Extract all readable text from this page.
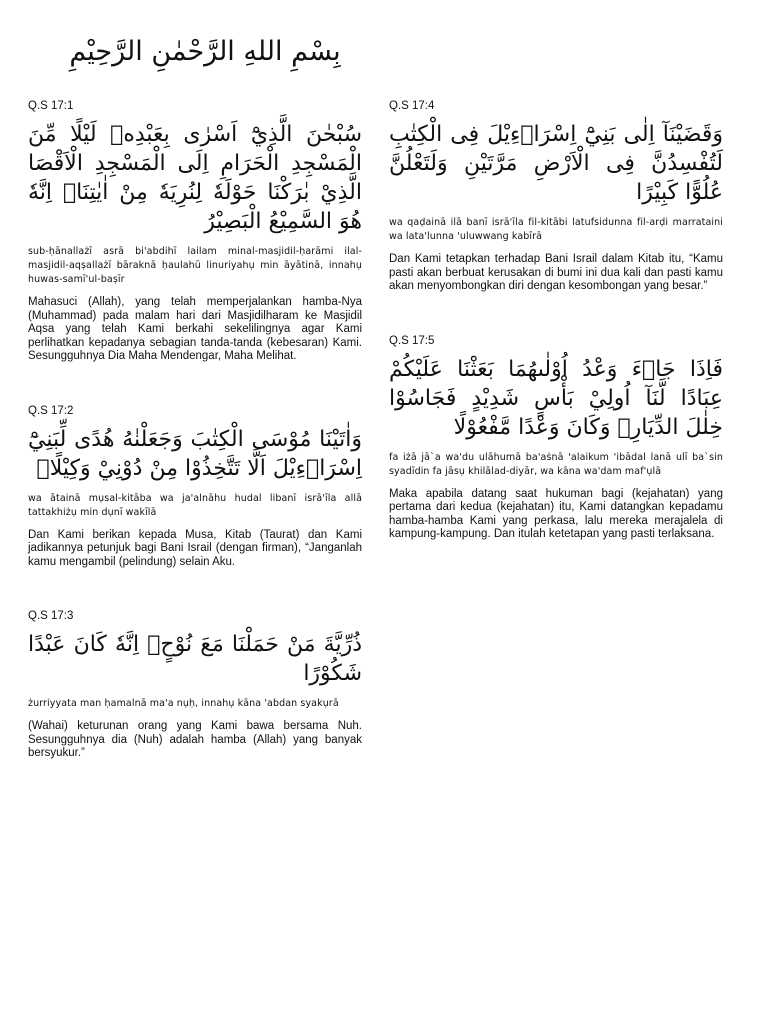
بِسْمِ اللهِ الرَّحْمٰنِ الرَّحِيْمِ

Q.S 17:1

سُبْحٰنَ الَّذِيْٓ اَسْرٰى بِعَبْدِهٖ لَيْلًا مِّنَ الْمَسْجِدِ الْحَرَامِ اِلَى الْمَسْجِدِ الْاَقْصَا الَّذِيْ بٰرَكْنَا حَوْلَهٗ لِنُرِيَهٗ مِنْ اٰيٰتِنَاۗ اِنَّهٗ هُوَ السَّمِيْعُ الْبَصِيْرُ

sub-ḥānallażī asrā bi'abdihī lailam minal-masjidil-ḥarāmi ilal-masjidil-aqṣallażī bāraknā ḥaulahū linuriyahụ min āyātinā, innahụ huwas-samī'ul-baṣīr

Mahasuci (Allah), yang telah memperjalankan hamba-Nya (Muhammad) pada malam hari dari Masjidilharam ke Masjidil Aqsa yang telah Kami berkahi sekelilingnya agar Kami perlihatkan kepadanya sebagian tanda-tanda (kebesaran) Kami. Sesungguhnya Dia Maha Mendengar, Maha Melihat.

Q.S 17:2

وَاٰتَيْنَا مُوْسَى الْكِتٰبَ وَجَعَلْنٰهُ هُدًى لِّبَنِيْٓ اِسْرَاۤءِيْلَ اَلَّا تَتَّخِذُوْا مِنْ دُوْنِيْ وَكِيْلًاۗ

wa ātainā mụsal-kitāba wa ja'alnāhu hudal libanī isrā'īla allā tattakhiżụ min dụnī wakīlā

Dan Kami berikan kepada Musa, Kitab (Taurat) dan Kami jadikannya petunjuk bagi Bani Israil (dengan firman), “Janganlah kamu mengambil (pelindung) selain Aku.

Q.S 17:3

ذُرِّيَّةَ مَنْ حَمَلْنَا مَعَ نُوْحٍۗ اِنَّهٗ كَانَ عَبْدًا شَكُوْرًا

żurriyyata man ḥamalnā ma'a nụḥ, innahụ kāna 'abdan syakụrā

(Wahai) keturunan orang yang Kami bawa bersama Nuh. Sesungguhnya dia (Nuh) adalah hamba (Allah) yang banyak bersyukur.”

Q.S 17:4

وَقَضَيْنَآ اِلٰى بَنِيْٓ اِسْرَاۤءِيْلَ فِى الْكِتٰبِ لَتُفْسِدُنَّ فِى الْاَرْضِ مَرَّتَيْنِ وَلَتَعْلُنَّ عُلُوًّا كَبِيْرًا

wa qaḍainā ilā banī isrā'īla fil-kitābi latufsidunna fil-arḍi marrataini wa lata'lunna 'uluwwang kabīrā

Dan Kami tetapkan terhadap Bani Israil dalam Kitab itu, “Kamu pasti akan berbuat kerusakan di bumi ini dua kali dan pasti kamu akan menyombongkan diri dengan kesombongan yang besar.”

Q.S 17:5

فَاِذَا جَاۤءَ وَعْدُ اُوْلٰىهُمَا بَعَثْنَا عَلَيْكُمْ عِبَادًا لَّنَآ اُولِيْ بَأْسٍ شَدِيْدٍ فَجَاسُوْا خِلٰلَ الدِّيَارِۗ وَكَانَ وَعْدًا مَّفْعُوْلًا

fa iżā jā`a wa'du ulāhumā ba'aṡnā 'alaikum 'ibādal lanā ulī ba`sin syadīdin fa jāsụ khilālad-diyār, wa kāna wa'dam maf'ụlā

Maka apabila datang saat hukuman bagi (kejahatan) yang pertama dari kedua (kejahatan) itu, Kami datangkan kepadamu hamba-hamba Kami yang perkasa, lalu mereka merajalela di kampung-kampung. Dan itulah ketetapan yang pasti terlaksana.
